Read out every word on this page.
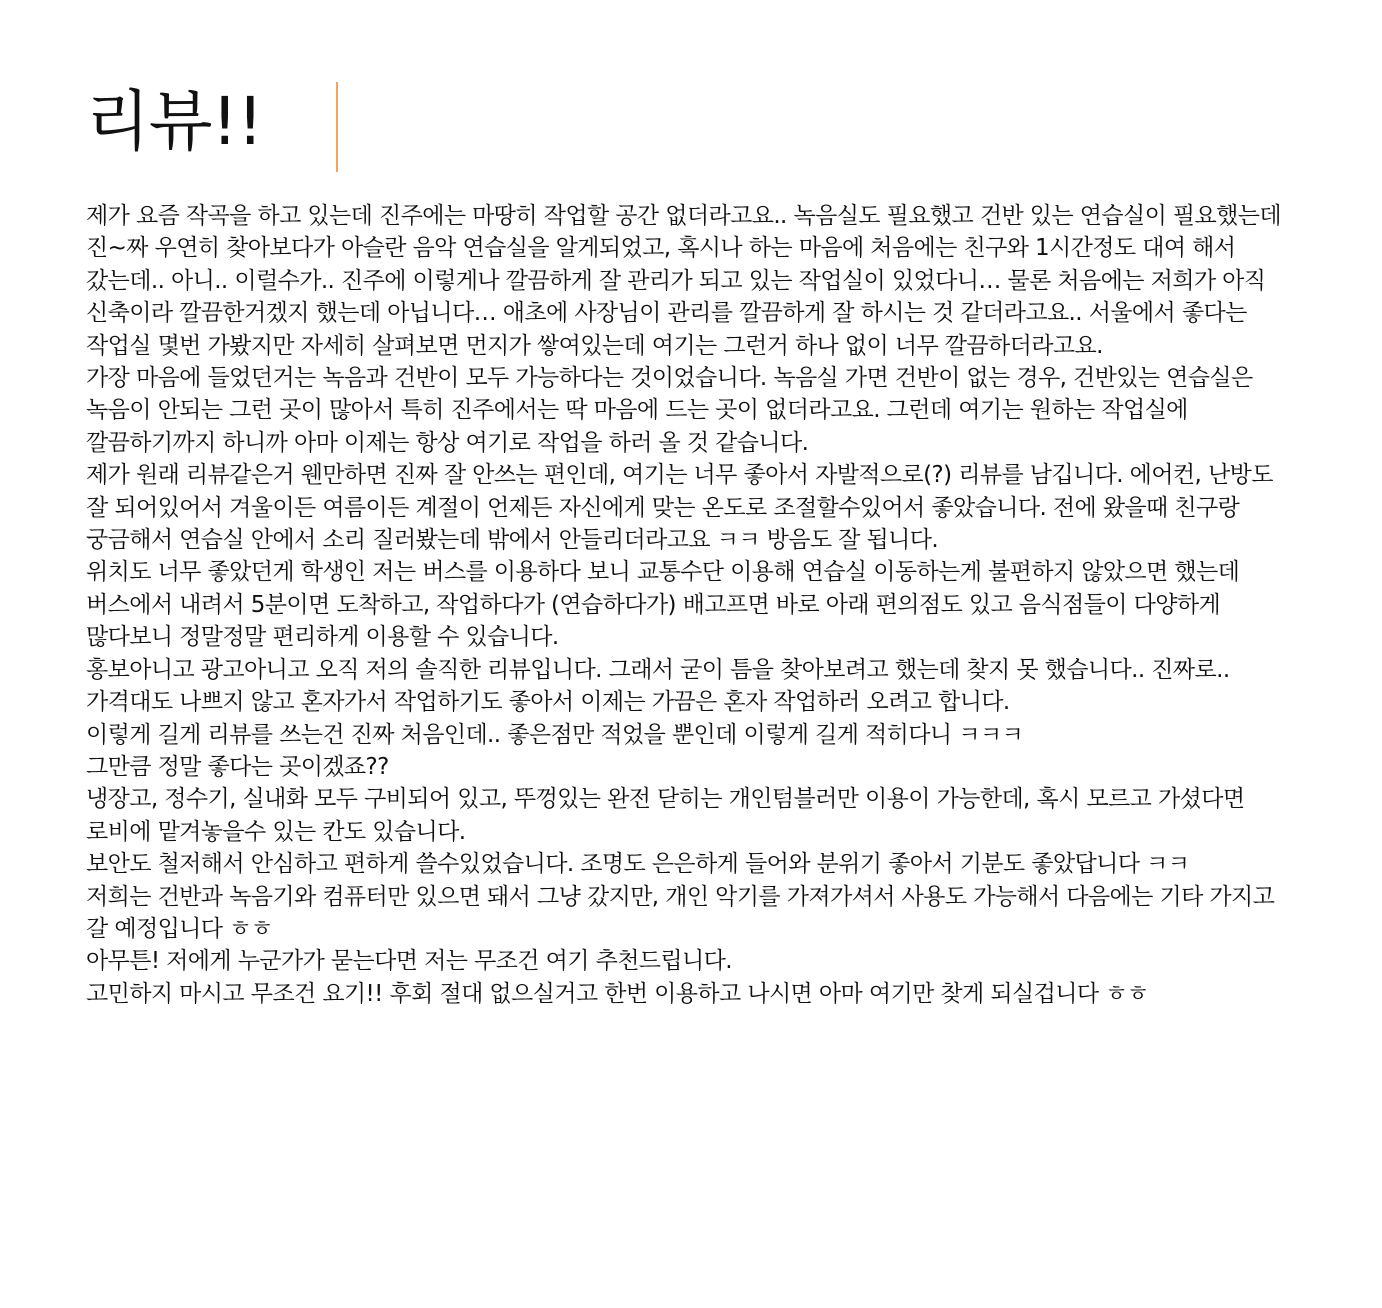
리뷰!!

제가 요즘 작곡을 하고 있는데 진주에는 마땅히 작업할 공간 없더라고요.. 녹음실도 필요했고 건반 있는 연습실이 필요했는데 진~짜 우연히 찾아보다가 아슬란 음악 연습실을 알게되었고, 혹시나 하는 마음에 처음에는 친구와 1시간정도 대여 해서 갔는데.. 아니.. 이럴수가.. 진주에 이렇게나 깔끔하게 잘 관리가 되고 있는 작업실이 있었다니… 물론 처음에는 저희가 아직 신축이라 깔끔한거겠지 했는데 아닙니다… 애초에 사장님이 관리를 깔끔하게 잘 하시는 것 같더라고요.. 서울에서 좋다는 작업실 몇번 가봤지만 자세히 살펴보면 먼지가 쌓여있는데 여기는 그런거 하나 없이 너무 깔끔하더라고요.

가장 마음에 들었던거는 녹음과 건반이 모두 가능하다는 것이었습니다. 녹음실 가면 건반이 없는 경우, 건반있는 연습실은 녹음이 안되는 그런 곳이 많아서 특히 진주에서는 딱 마음에 드는 곳이 없더라고요. 그런데 여기는 원하는 작업실에 깔끔하기까지 하니까 아마 이제는 항상 여기로 작업을 하러 올 것 같습니다.

제가 원래 리뷰같은거 웬만하면 진짜 잘 안쓰는 편인데, 여기는 너무 좋아서 자발적으로(?) 리뷰를 남깁니다. 에어컨, 난방도 잘 되어있어서 겨울이든 여름이든 계절이 언제든 자신에게 맞는 온도로 조절할수있어서 좋았습니다. 전에 왔을때 친구랑 궁금해서 연습실 안에서 소리 질러봤는데 밖에서 안들리더라고요 ㅋㅋ 방음도 잘 됩니다.

위치도 너무 좋았던게 학생인 저는 버스를 이용하다 보니 교통수단 이용해 연습실 이동하는게 불편하지 않았으면 했는데 버스에서 내려서 5분이면 도착하고, 작업하다가 (연습하다가) 배고프면 바로 아래 편의점도 있고 음식점들이 다양하게 많다보니 정말정말 편리하게 이용할 수 있습니다.

홍보아니고 광고아니고 오직 저의 솔직한 리뷰입니다. 그래서 굳이 틈을 찾아보려고 했는데 찾지 못 했습니다.. 진짜로.. 가격대도 나쁘지 않고 혼자가서 작업하기도 좋아서 이제는 가끔은 혼자 작업하러 오려고 합니다.

이렇게 길게 리뷰를 쓰는건 진짜 처음인데.. 좋은점만 적었을 뿐인데 이렇게 길게 적히다니 ㅋㅋㅋ

그만큼 정말 좋다는 곳이겠죠??

냉장고, 정수기, 실내화 모두 구비되어 있고, 뚜껑있는 완전 닫히는 개인텀블러만 이용이 가능한데, 혹시 모르고 가셨다면 로비에 맡겨놓을수 있는 칸도 있습니다.

보안도 철저해서 안심하고 편하게 쓸수있었습니다. 조명도 은은하게 들어와 분위기 좋아서 기분도 좋았답니다 ㅋㅋ

저희는 건반과 녹음기와 컴퓨터만 있으면 돼서 그냥 갔지만, 개인 악기를 가져가셔서 사용도 가능해서 다음에는 기타 가지고 갈 예정입니다 ㅎㅎ

아무튼! 저에게 누군가가 묻는다면 저는 무조건 여기 추천드립니다.

고민하지 마시고 무조건 요기!! 후회 절대 없으실거고 한번 이용하고 나시면 아마 여기만 찾게 되실겁니다 ㅎㅎ
